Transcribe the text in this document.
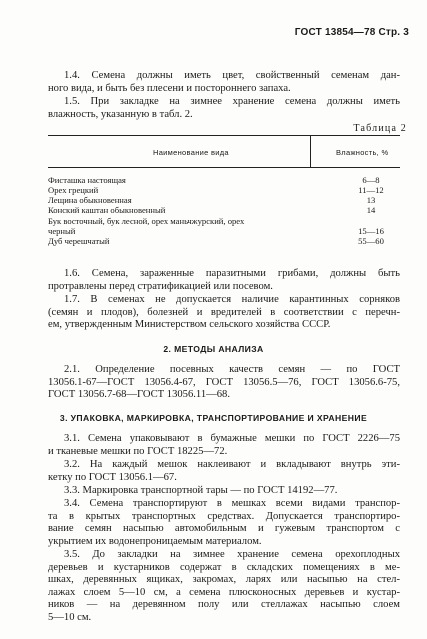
ГОСТ 13854—78 Стр. 3
1.4. Семена должны иметь цвет, свойственный семенам дан-
ного вида, и быть без плесени и постороннего запаха.
1.5. При закладке на зимнее хранение семена должны иметь
влажность, указанную в табл. 2.
Таблица 2
Наименование вида	Влажность, %
Фисташка настоящая	6—8
Орех грецкий	11—12
Лещина обыкновенная	13
Конский каштан обыкновенный	14
Бук восточный, бук лесной, орех маньчжурский, орех
черный	15—16
Дуб черешчатый	55—60
1.6. Семена, зараженные паразитными грибами, должны быть
протравлены перед стратификацией или посевом.
1.7. В семенах не допускается наличие карантинных сорняков
(семян и плодов), болезней и вредителей в соответствии с перечн-
ем, утвержденным Министерством сельского хозяйства СССР.
2. МЕТОДЫ АНАЛИЗА
2.1. Определение посевных качеств семян — по ГОСТ
13056.1-67—ГОСТ 13056.4-67, ГОСТ 13056.5—76, ГОСТ 13056.6-75,
ГОСТ 13056.7-68—ГОСТ 13056.11—68.
3. УПАКОВКА, МАРКИРОВКА, ТРАНСПОРТИРОВАНИЕ И ХРАНЕНИЕ
3.1. Семена упаковывают в бумажные мешки по ГОСТ 2226—75
и тканевые мешки по ГОСТ 18225—72.
3.2. На каждый мешок наклеивают и вкладывают внутрь эти-
кетку по ГОСТ 13056.1—67.
3.3. Маркировка транспортной тары — по ГОСТ 14192—77.
3.4. Семена транспортируют в мешках всеми видами транспор-
та в крытых транспортных средствах. Допускается транспортиро-
вание семян насыпью автомобильным и гужевым транспортом с
укрытием их водонепроницаемым материалом.
3.5. До закладки на зимнее хранение семена орехоплодных
деревьев и кустарников содержат в складских помещениях в ме-
шках, деревянных ящиках, закромах, ларях или насыпью на стел-
лажах слоем 5—10 см, а семена плюсконосных деревьев и кустар-
ников — на деревянном полу или стеллажах насыпью слоем
5—10 см.
